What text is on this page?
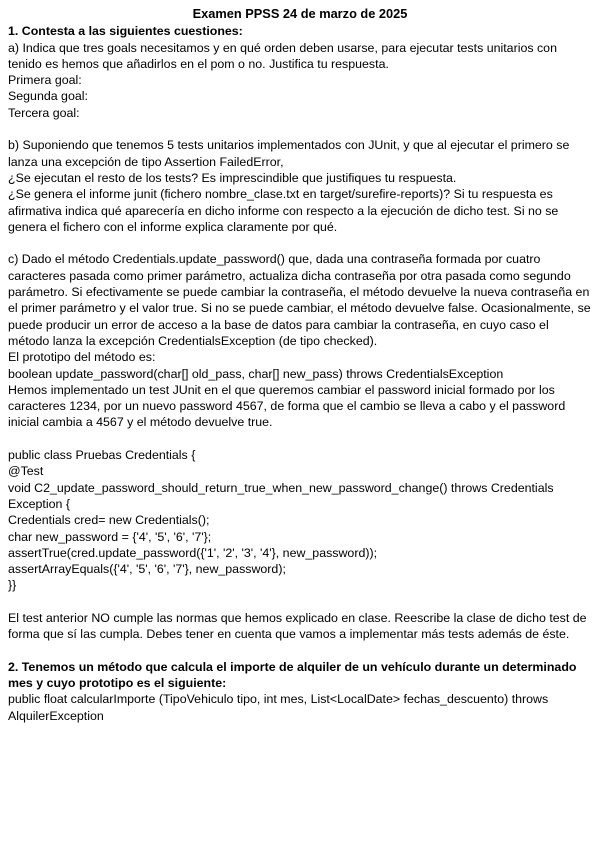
Examen PPSS 24 de marzo de 2025
1. Contesta a las siguientes cuestiones:

a) Indica que tres goals necesitamos y en qué orden deben usarse, para ejecutar tests unitarios con tenido es hemos que añadirlos en el pom o no. Justifica tu respuesta.

Primera goal:

Segunda goal:

Tercera goal:

b) Suponiendo que tenemos 5 tests unitarios implementados con JUnit, y que al ejecutar el primero se lanza una excepción de tipo Assertion FailedError,

¿Se ejecutan el resto de los tests? Es imprescindible que justifiques tu respuesta.

¿Se genera el informe junit (fichero nombre_clase.txt en target/surefire-reports)? Si tu respuesta es afirmativa indica qué aparecería en dicho informe con respecto a la ejecución de dicho test. Si no se genera el fichero con el informe explica claramente por qué.

c) Dado el método Credentials.update_password() que, dada una contraseña formada por cuatro caracteres pasada como primer parámetro, actualiza dicha contraseña por otra pasada como segundo parámetro. Si efectivamente se puede cambiar la contraseña, el método devuelve la nueva contraseña en el primer parámetro y el valor true. Si no se puede cambiar, el método devuelve false. Ocasionalmente, se puede producir un error de acceso a la base de datos para cambiar la contraseña, en cuyo caso el método lanza la excepción CredentialsException (de tipo checked).

El prototipo del método es:

boolean update_password(char[] old_pass, char[] new_pass) throws CredentialsException

Hemos implementado un test JUnit en el que queremos cambiar el password inicial formado por los caracteres 1234, por un nuevo password 4567, de forma que el cambio se lleva a cabo y el password inicial cambia a 4567 y el método devuelve true.

public class Pruebas Credentials {

@Test

void C2_update_password_should_return_true_when_new_password_change() throws Credentials Exception {

Credentials cred= new Credentials();

char new_password = {'4', '5', '6', '7'};

assertTrue(cred.update_password({'1', '2', '3', '4'}, new_password));

assertArrayEquals({'4', '5', '6', '7'}, new_password);

}}

El test anterior NO cumple las normas que hemos explicado en clase. Reescribe la clase de dicho test de forma que sí las cumpla. Debes tener en cuenta que vamos a implementar más tests además de éste.

2. Tenemos un método que calcula el importe de alquiler de un vehículo durante un determinado mes y cuyo prototipo es el siguiente:

public float calcularImporte (TipoVehiculo tipo, int mes, List<LocalDate> fechas_descuento) throws AlquilerException
